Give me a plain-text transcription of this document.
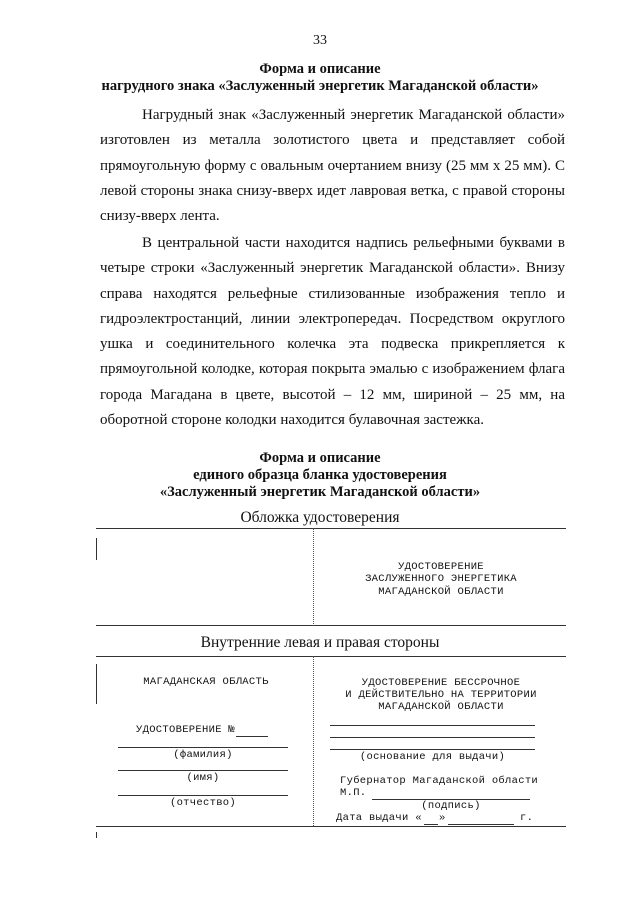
33
Форма и описание
нагрудного знака «Заслуженный энергетик Магаданской области»

Нагрудный знак «Заслуженный энергетик Магаданской области» изготовлен из металла золотистого цвета и представляет собой прямоугольную форму с овальным очертанием внизу (25 мм х 25 мм). С левой стороны знака снизу-вверх идет лавровая ветка, с правой стороны снизу-вверх лента.

В центральной части находится надпись рельефными буквами в четыре строки «Заслуженный энергетик Магаданской области». Внизу справа находятся рельефные стилизованные изображения тепло и гидроэлектростанций, линии электропередач. Посредством округлого ушка и соединительного колечка эта подвеска прикрепляется к прямоугольной колодке, которая покрыта эмалью с изображением флага города Магадана в цвете, высотой – 12 мм, шириной – 25 мм, на оборотной стороне колодки находится булавочная застежка.

Форма и описание
единого образца бланка удостоверения
«Заслуженный энергетик Магаданской области»
Обложка удостоверения
УДОСТОВЕРЕНИЕ
ЗАСЛУЖЕННОГО ЭНЕРГЕТИКА
МАГАДАНСКОЙ ОБЛАСТИ
Внутренние левая и правая стороны
МАГАДАНСКАЯ ОБЛАСТЬ
УДОСТОВЕРЕНИЕ №
(фамилия)
(имя)
(отчество)
УДОСТОВЕРЕНИЕ БЕССРОЧНОЕ
И ДЕЙСТВИТЕЛЬНО НА ТЕРРИТОРИИ
МАГАДАНСКОЙ ОБЛАСТИ
(основание для выдачи)
Губернатор Магаданской области
М.П.
(подпись)
Дата выдачи « »	г.
